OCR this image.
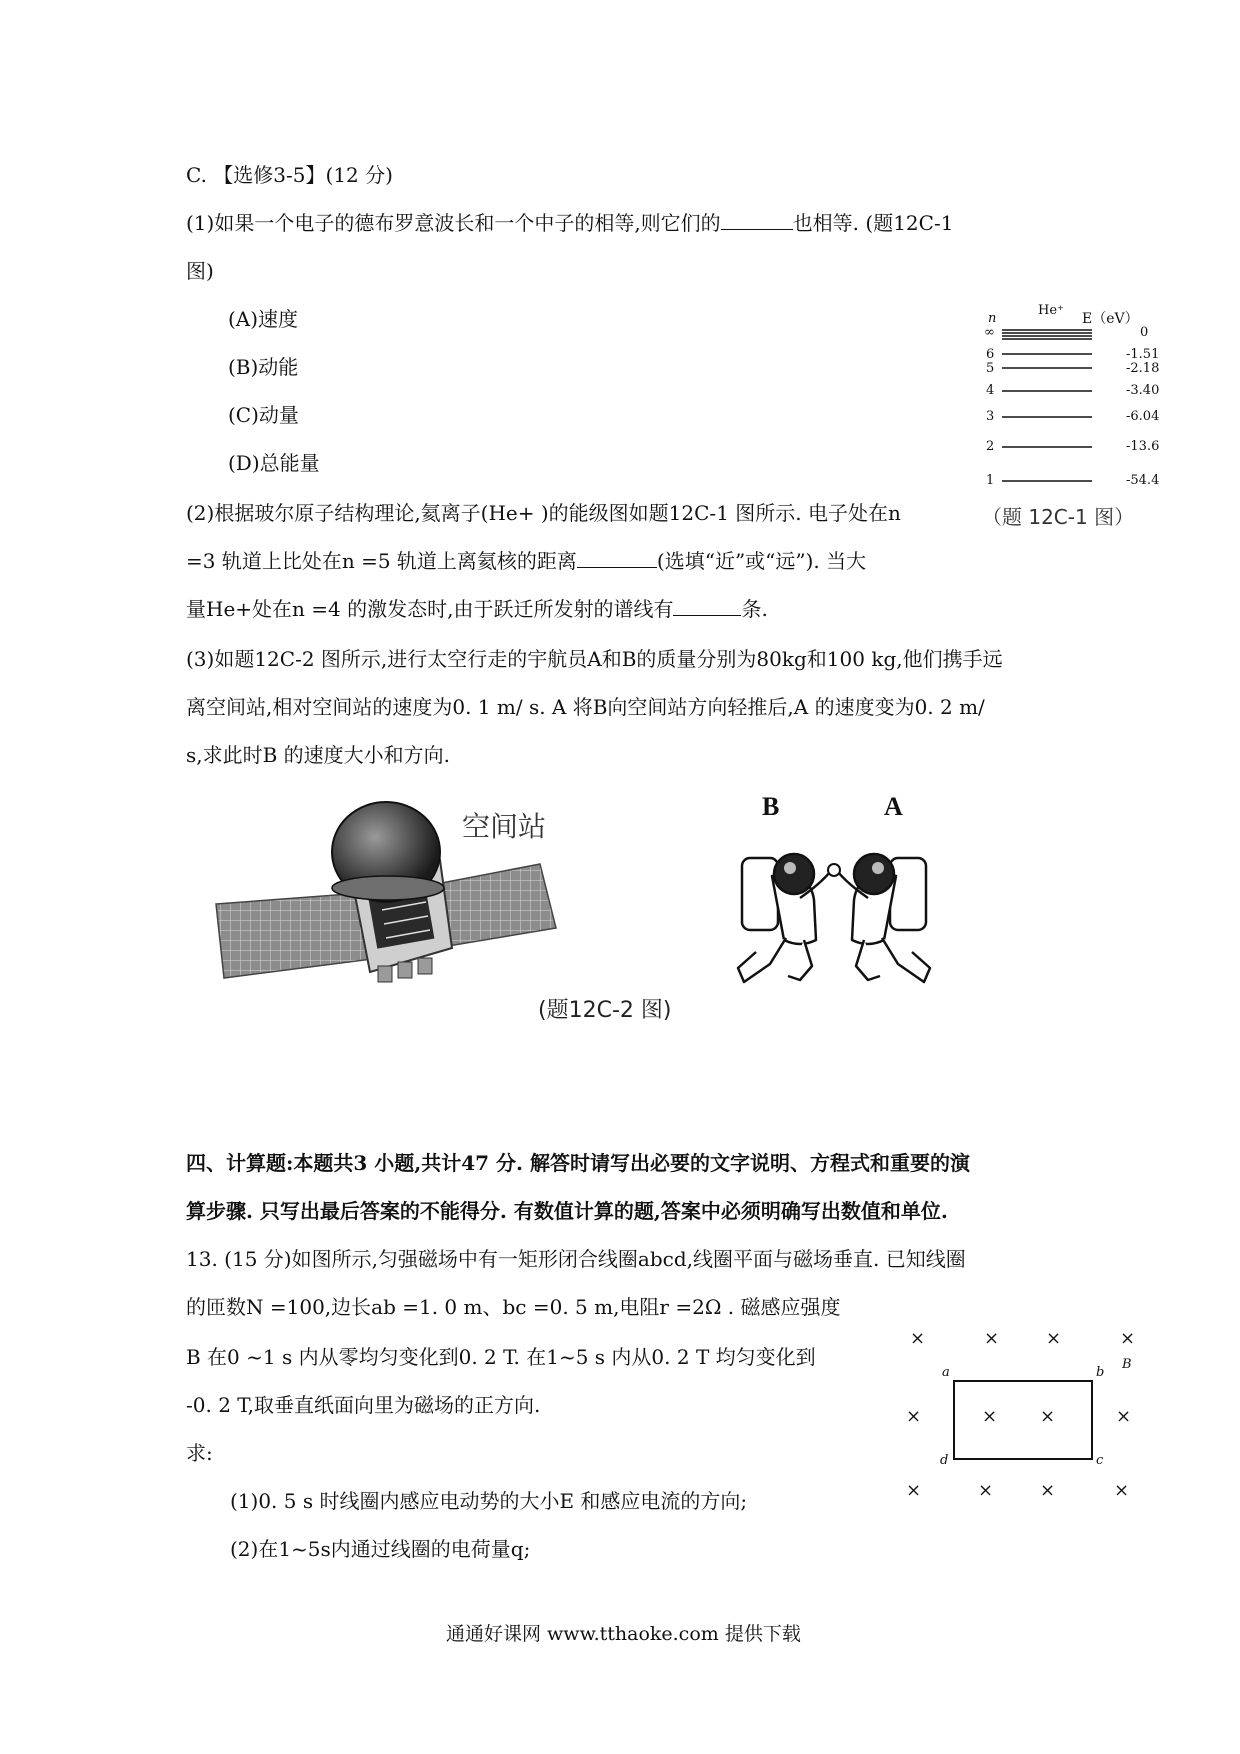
C. 【选修3-5】(12 分)
(1)如果一个电子的德布罗意波长和一个中子的相等,则它们的	也相等. (题12C-1
图)
(A)速度
(B)动能
(C)动量
(D)总能量
(2)根据玻尔原子结构理论,氦离子(He+ )的能级图如题12C-1 图所示. 电子处在n
=3 轨道上比处在n =5 轨道上离氦核的距离	(选填“近”或“远”). 当大
量He+处在n =4 的激发态时,由于跃迁所发射的谱线有	条.
(3)如题12C-2 图所示,进行太空行走的宇航员A和B的质量分别为80kg和100 kg,他们携手远
离空间站,相对空间站的速度为0. 1 m/ s. A 将B向空间站方向轻推后,A 的速度变为0. 2 m/
s,求此时B 的速度大小和方向.
n
He⁺
E（eV）
∞	0
6	-1.51
5	-2.18
4	-3.40
3	-6.04
2	-13.6
1	-54.4
（题 12C-1 图）
空间站
B	A
(题12C-2 图)
四、计算题:本题共3 小题,共计47 分. 解答时请写出必要的文字说明、方程式和重要的演
算步骤. 只写出最后答案的不能得分. 有数值计算的题,答案中必须明确写出数值和单位.
13. (15 分)如图所示,匀强磁场中有一矩形闭合线圈abcd,线圈平面与磁场垂直. 已知线圈
的匝数N =100,边长ab =1. 0 m、bc =0. 5 m,电阻r =2Ω . 磁感应强度
B 在0 ~1 s 内从零均匀变化到0. 2 T. 在1~5 s 内从0. 2 T 均匀变化到
-0. 2 T,取垂直纸面向里为磁场的正方向.
求:
(1)0. 5 s 时线圈内感应电动势的大小E 和感应电流的方向;
(2)在1~5s内通过线圈的电荷量q;
a	b
c
d
B
×	×	×	×
×	× ×	×
×	×	×	×
通通好课网 www.tthaoke.com 提供下载
